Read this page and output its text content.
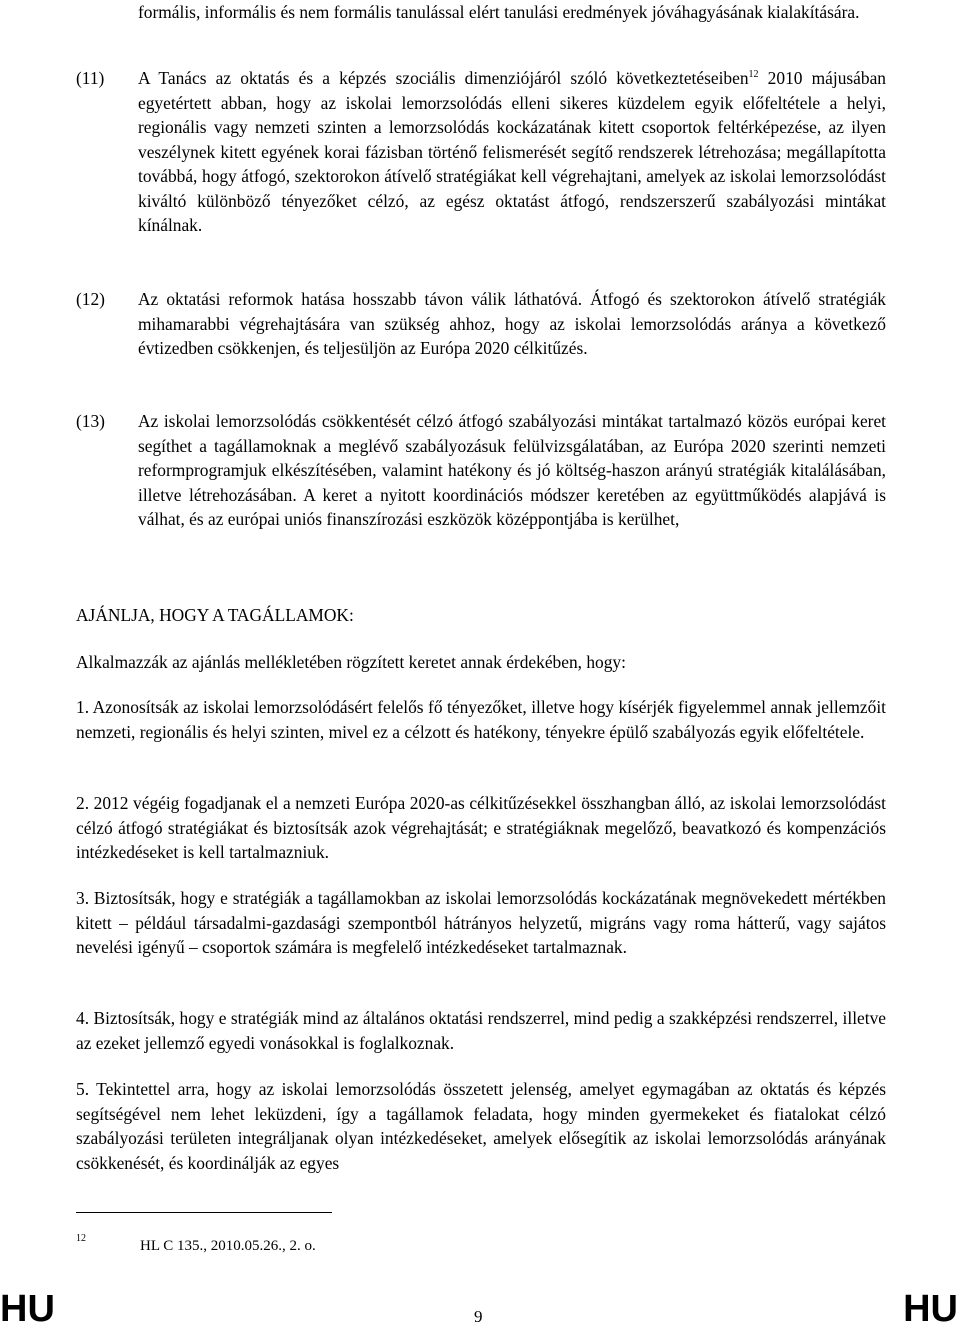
formális, informális és nem formális tanulással elért tanulási eredmények jóváhagyásának kialakítására.

(11)	A Tanács az oktatás és a képzés szociális dimenziójáról szóló következtetéseiben$^{12}$ 2010 májusában egyetértett abban, hogy az iskolai lemorzsolódás elleni sikeres küzdelem egyik előfeltétele a helyi, regionális vagy nemzeti szinten a lemorzsolódás kockázatának kitett csoportok feltérképezése, az ilyen veszélynek kitett egyének korai fázisban történő felismerését segítő rendszerek létrehozása; megállapította továbbá, hogy átfogó, szektorokon átívelő stratégiákat kell végrehajtani, amelyek az iskolai lemorzsolódást kiváltó különböző tényezőket célzó, az egész oktatást átfogó, rendszerszerű szabályozási mintákat kínálnak.
(12)	Az oktatási reformok hatása hosszabb távon válik láthatóvá. Átfogó és szektorokon átívelő stratégiák mihamarabbi végrehajtására van szükség ahhoz, hogy az iskolai lemorzsolódás aránya a következő évtizedben csökkenjen, és teljesüljön az Európa 2020 célkitűzés.
(13)	Az iskolai lemorzsolódás csökkentését célzó átfogó szabályozási mintákat tartalmazó közös európai keret segíthet a tagállamoknak a meglévő szabályozásuk felülvizsgálatában, az Európa 2020 szerinti nemzeti reformprogramjuk elkészítésében, valamint hatékony és jó költség-haszon arányú stratégiák kitalálásában, illetve létrehozásában. A keret a nyitott koordinációs módszer keretében az együttműködés alapjává is válhat, és az európai uniós finanszírozási eszközök középpontjába is kerülhet,
AJÁNLJA, HOGY A TAGÁLLAMOK:
Alkalmazzák az ajánlás mellékletében rögzített keretet annak érdekében, hogy:
1. Azonosítsák az iskolai lemorzsolódásért felelős fő tényezőket, illetve hogy kísérjék figyelemmel annak jellemzőit nemzeti, regionális és helyi szinten, mivel ez a célzott és hatékony, tényekre épülő szabályozás egyik előfeltétele.
2. 2012 végéig fogadjanak el a nemzeti Európa 2020-as célkitűzésekkel összhangban álló, az iskolai lemorzsolódást célzó átfogó stratégiákat és biztosítsák azok végrehajtását; e stratégiáknak megelőző, beavatkozó és kompenzációs intézkedéseket is kell tartalmazniuk.
3. Biztosítsák, hogy e stratégiák a tagállamokban az iskolai lemorzsolódás kockázatának megnövekedett mértékben kitett – például társadalmi-gazdasági szempontból hátrányos helyzetű, migráns vagy roma hátterű, vagy sajátos nevelési igényű – csoportok számára is megfelelő intézkedéseket tartalmaznak.
4. Biztosítsák, hogy e stratégiák mind az általános oktatási rendszerrel, mind pedig a szakképzési rendszerrel, illetve az ezeket jellemző egyedi vonásokkal is foglalkoznak.
5. Tekintettel arra, hogy az iskolai lemorzsolódás összetett jelenség, amelyet egymagában az oktatás és képzés segítségével nem lehet leküzdeni, így a tagállamok feladata, hogy minden gyermekeket és fiatalokat célzó szabályozási területen integráljanak olyan intézkedéseket, amelyek elősegítik az iskolai lemorzsolódás arányának csökkenését, és koordinálják az egyes
12	HL C 135., 2010.05.26., 2. o.
HU	9	HU
